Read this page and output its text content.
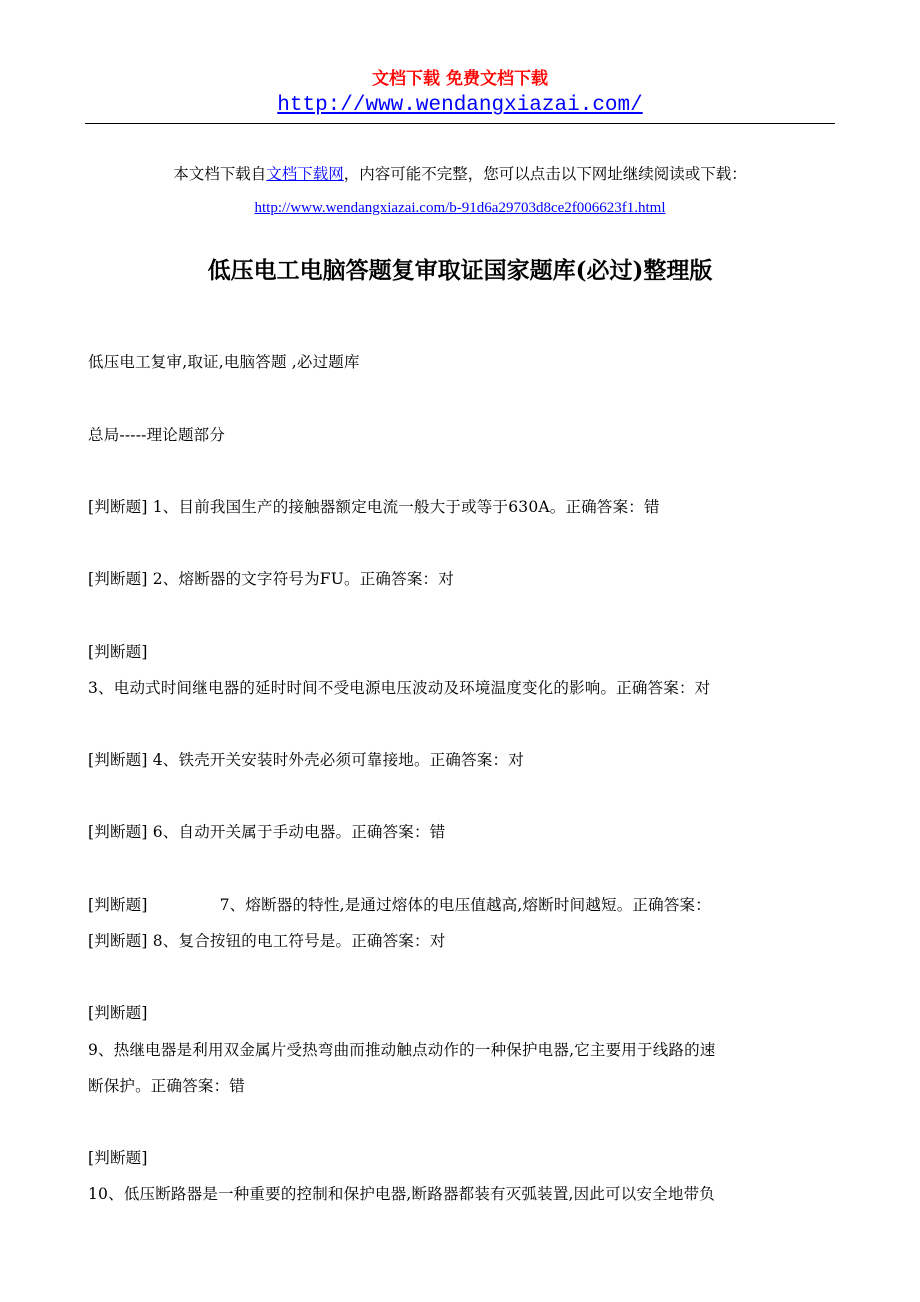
文档下载 免费文档下载
http://www.wendangxiazai.com/
本文档下载自文档下载网，内容可能不完整，您可以点击以下网址继续阅读或下载：
http://www.wendangxiazai.com/b-91d6a29703d8ce2f006623f1.html
低压电工电脑答题复审取证国家题库(必过)整理版
低压电工复审,取证,电脑答题 ,必过题库
总局-----理论题部分
[判断题] 1、目前我国生产的接触器额定电流一般大于或等于630A。正确答案：错
[判断题] 2、熔断器的文字符号为FU。正确答案：对
[判断题]
3、电动式时间继电器的延时时间不受电源电压波动及环境温度变化的影响。正确答案：对
[判断题] 4、铁壳开关安装时外壳必须可靠接地。正确答案：对
[判断题] 6、自动开关属于手动电器。正确答案：错
[判断题]	7、熔断器的特性,是通过熔体的电压值越高,熔断时间越短。正确答案：
[判断题] 8、复合按钮的电工符号是。正确答案：对
[判断题]
9、热继电器是利用双金属片受热弯曲而推动触点动作的一种保护电器,它主要用于线路的速
断保护。正确答案：错
[判断题]
10、低压断路器是一种重要的控制和保护电器,断路器都装有灭弧装置,因此可以安全地带负
